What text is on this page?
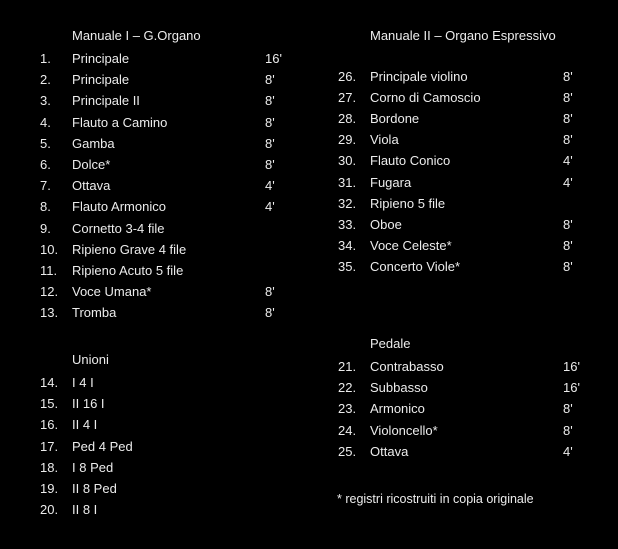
Manuale I – G.Organo
1. Principale	16'
2. Principale	8'
3. Principale II	8'
4. Flauto a Camino	8'
5. Gamba	8'
6. Dolce*	8'
7. Ottava	4'
8. Flauto Armonico	4'
9. Cornetto 3-4 file
10. Ripieno Grave 4 file
11. Ripieno Acuto 5 file
12. Voce Umana*	8'
13. Tromba	8'
Unioni
14. I 4 I
15. II 16 I
16. II 4 I
17. Ped 4 Ped
18. I 8 Ped
19. II 8 Ped
20. II 8 I
Manuale II – Organo Espressivo
26. Principale violino	8'
27. Corno di Camoscio	8'
28. Bordone	8'
29. Viola	8'
30. Flauto Conico	4'
31. Fugara	4'
32. Ripieno 5 file
33. Oboe	8'
34. Voce Celeste*	8'
35. Concerto Viole*	8'
Pedale
21. Contrabasso	16'
22. Subbasso	16'
23. Armonico	8'
24. Violoncello*	8'
25. Ottava	4'
* registri ricostruiti in copia originale
